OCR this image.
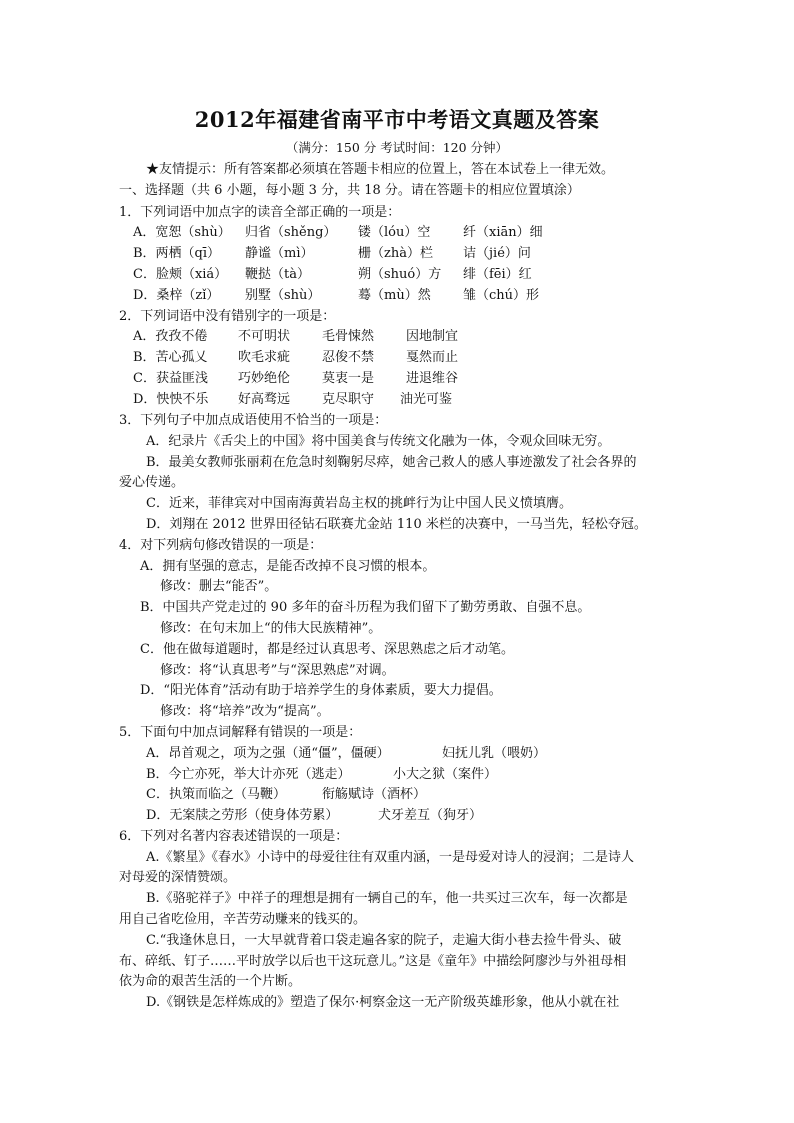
2012年福建省南平市中考语文真题及答案
（满分：150 分 考试时间：120 分钟）
★友情提示：所有答案都必须填在答题卡相应的位置上，答在本试卷上一律无效。
一、选择题（共 6 小题，每小题 3 分，共 18 分。请在答题卡的相应位置填涂）
1．下列词语中加点字的读音全部正确的一项是：
A．宽恕（shù） 归省（shěng） 镂（lóu）空	纤（xiān）细
B．两栖（qī） 静谧（mì）	栅（zhà）栏 诘（jié）问
C．脸颊（xiá） 鞭挞（tà）	朔（shuó）方 绯（fēi）红
D．桑梓（zǐ） 别墅（shù）	蓦（mù）然 雏（chú）形
2．下列词语中没有错别字的一项是：
A．孜孜不倦 不可明状 毛骨悚然 因地制宜
B．苦心孤乂 吹毛求疵 忍俊不禁 戛然而止
C．获益匪浅 巧妙绝伦 莫衷一是 进退维谷
D．怏怏不乐 好高骛远 克尽职守 油光可鉴
3．下列句子中加点成语使用不恰当的一项是：
A．纪录片《舌尖上的中国》将中国美食与传统文化融为一体，令观众回味无穷。
B．最美女教师张丽莉在危急时刻鞠躬尽瘁，她舍己救人的感人事迹激发了社会各界的
爱心传递。
C．近来，菲律宾对中国南海黄岩岛主权的挑衅行为让中国人民义愤填膺。
D．刘翔在 2012 世界田径钻石联赛尤金站 110 米栏的决赛中，一马当先，轻松夺冠。
4．对下列病句修改错误的一项是：
A．拥有坚强的意志，是能否改掉不良习惯的根本。
修改：删去“能否”。
B．中国共产党走过的 90 多年的奋斗历程为我们留下了勤劳勇敢、自强不息。
修改：在句末加上“的伟大民族精神”。
C．他在做每道题时，都是经过认真思考、深思熟虑之后才动笔。
修改：将“认真思考”与“深思熟虑”对调。
D．“阳光体育”活动有助于培养学生的身体素质，要大力提倡。
修改：将“培养”改为“提高”。
5．下面句中加点词解释有错误的一项是：
A．昂首观之，项为之强（通“僵”，僵硬）	妇抚儿乳（喂奶）
B．今亡亦死，举大计亦死（逃走）	小大之狱（案件）
C．执策而临之（马鞭）	衔觞赋诗（酒杯）
D．无案牍之劳形（使身体劳累）	犬牙差互（狗牙）
6．下列对名著内容表述错误的一项是：
A.《繁星》《春水》小诗中的母爱往往有双重内涵，一是母爱对诗人的浸润；二是诗人
对母爱的深情赞颂。
B.《骆驼祥子》中祥子的理想是拥有一辆自己的车，他一共买过三次车，每一次都是
用自己省吃俭用，辛苦劳动赚来的钱买的。
C.“我逢休息日，一大早就背着口袋走遍各家的院子，走遍大街小巷去捡牛骨头、破
布、碎纸、钉子……平时放学以后也干这玩意儿。”这是《童年》中描绘阿廖沙与外祖母相
依为命的艰苦生活的一个片断。
D.《钢铁是怎样炼成的》塑造了保尔·柯察金这一无产阶级英雄形象，他从小就在社
